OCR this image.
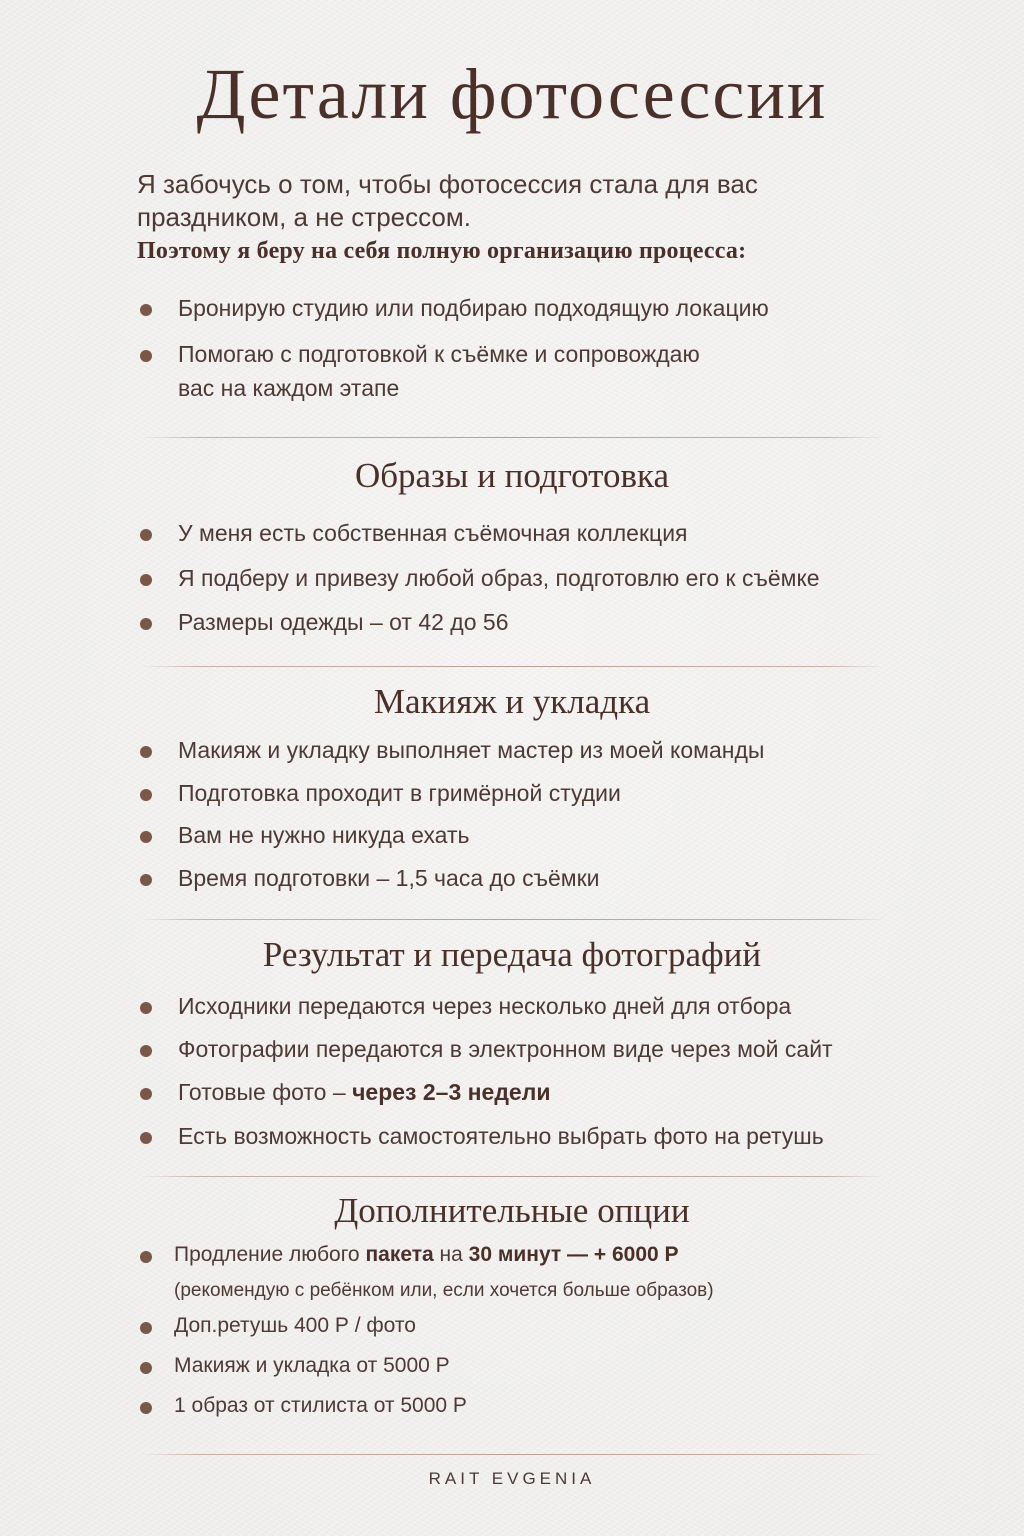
Детали фотосессии
Я забочусь о том, чтобы фотосессия стала для вас
праздником, а не стрессом.
Поэтому я беру на себя полную организацию процесса:
Бронирую студию или подбираю подходящую локацию
Помогаю с подготовкой к съёмке и сопровождаю
вас на каждом этапе
Образы и подготовка
У меня есть собственная съёмочная коллекция
Я подберу и привезу любой образ, подготовлю его к съёмке
Размеры одежды – от 42 до 56
Макияж и укладка
Макияж и укладку выполняет мастер из моей команды
Подготовка проходит в гримёрной студии
Вам не нужно никуда ехать
Время подготовки – 1,5 часа до съёмки
Результат и передача фотографий
Исходники передаются через несколько дней для отбора
Фотографии передаются в электронном виде через мой сайт
Готовые фото – через 2–3 недели
Есть возможность самостоятельно выбрать фото на ретушь
Дополнительные опции
Продление любого пакета на 30 минут — + 6000 Р
(рекомендую с ребёнком или, если хочется больше образов)
Доп.ретушь 400 Р / фото
Макияж и укладка от 5000 Р
1 образ от стилиста от 5000 Р
RAIT EVGENIA
